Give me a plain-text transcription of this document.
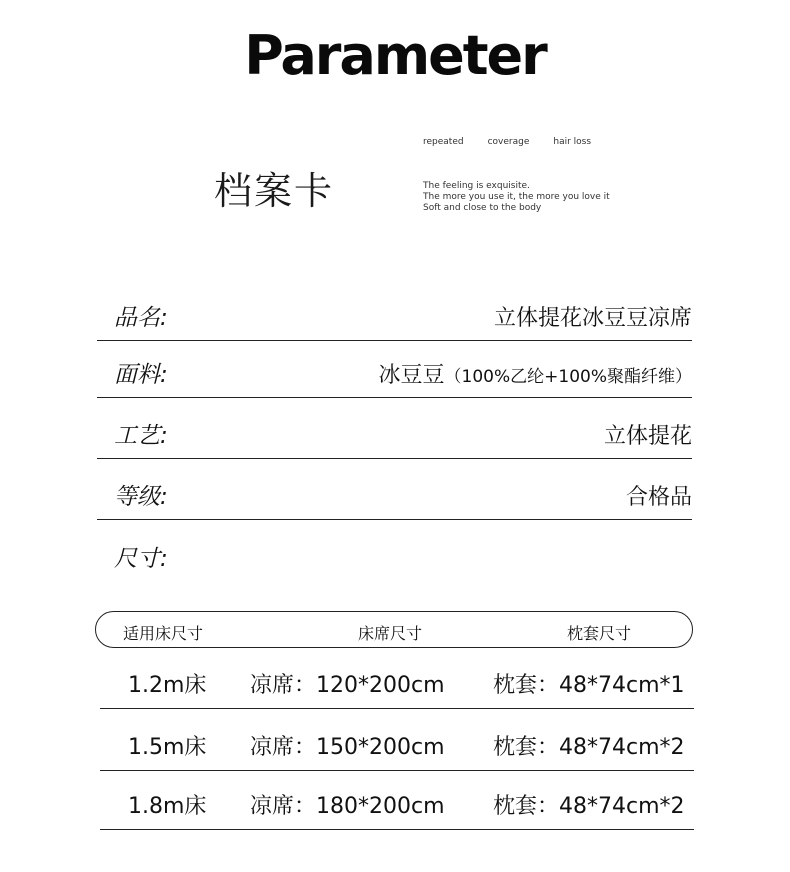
Parameter
档案卡
repeated	coverage	hair loss
The feeling is exquisite.
The more you use it, the more you love it
Soft and close to the body
品名:	立体提花冰豆豆凉席
面料:	冰豆豆（100%乙纶+100%聚酯纤维）
工艺:	立体提花
等级:	合格品
尺寸:
适用床尺寸	床席尺寸	枕套尺寸
1.2m床 凉席：120*200cm 枕套：48*74cm*1
1.5m床 凉席：150*200cm 枕套：48*74cm*2
1.8m床 凉席：180*200cm 枕套：48*74cm*2
